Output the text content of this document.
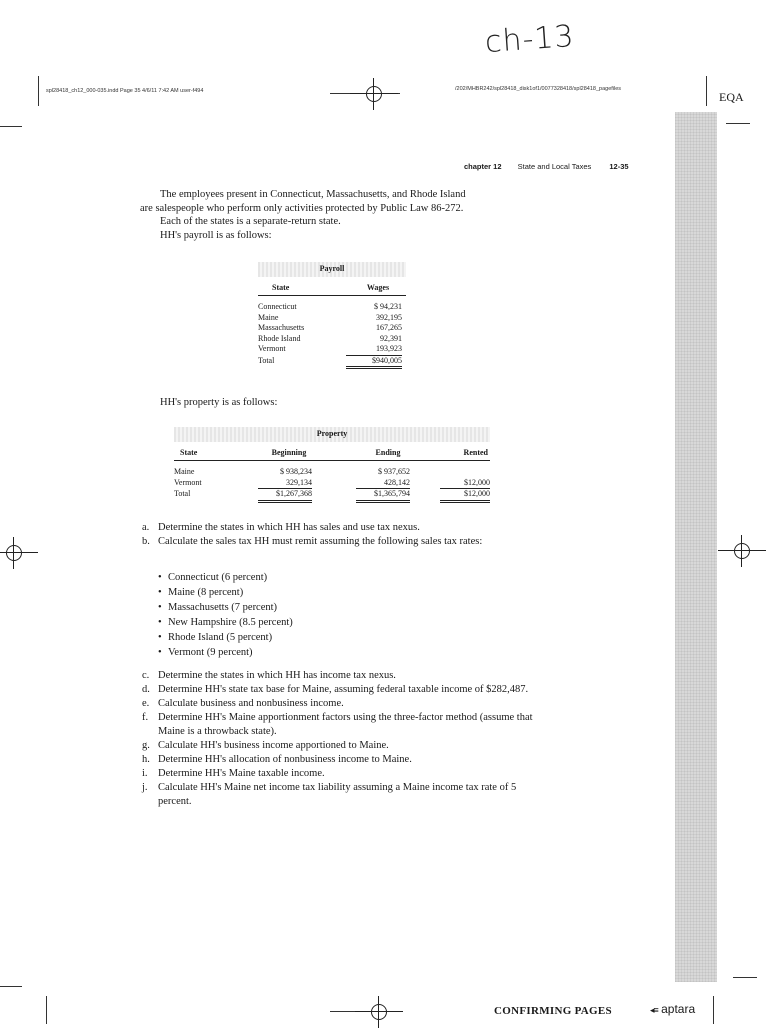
ch-13
spl28418_ch12_000-035.indd Page 35 4/6/11 7:42 AM user-f494	/202/MHBR242/spl28418_disk1of1/0077328418/spl28418_pagefiles
EQA
chapter 12 State and Local Taxes 12-35
The employees present in Connecticut, Massachusetts, and Rhode Island
are salespeople who perform only activities protected by Public Law 86-272.
Each of the states is a separate-return state.
HH's payroll is as follows:
Payroll
State	Wages
Connecticut	$ 94,231
Maine	392,195
Massachusetts	167,265
Rhode Island	92,391
Vermont	193,923
Total	$940,005
HH's property is as follows:
Property
State	Beginning	Ending	Rented
Maine	$ 938,234	$ 937,652
Vermont	329,134	428,142	$12,000
Total	$1,267,368	$1,365,794	$12,000
a. Determine the states in which HH has sales and use tax nexus.
b. Calculate the sales tax HH must remit assuming the following sales tax rates:
• Connecticut (6 percent)
• Maine (8 percent)
• Massachusetts (7 percent)
• New Hampshire (8.5 percent)
• Rhode Island (5 percent)
• Vermont (9 percent)
c. Determine the states in which HH has income tax nexus.
d. Determine HH's state tax base for Maine, assuming federal taxable income of $282,487.
e. Calculate business and nonbusiness income.
f. Determine HH's Maine apportionment factors using the three-factor method (assume that Maine is a throwback state).
g. Calculate HH's business income apportioned to Maine.
h. Determine HH's allocation of nonbusiness income to Maine.
i. Determine HH's Maine taxable income.
j. Calculate HH's Maine net income tax liability assuming a Maine income tax rate of 5 percent.
CONFIRMING PAGES	◂≡ aptara
